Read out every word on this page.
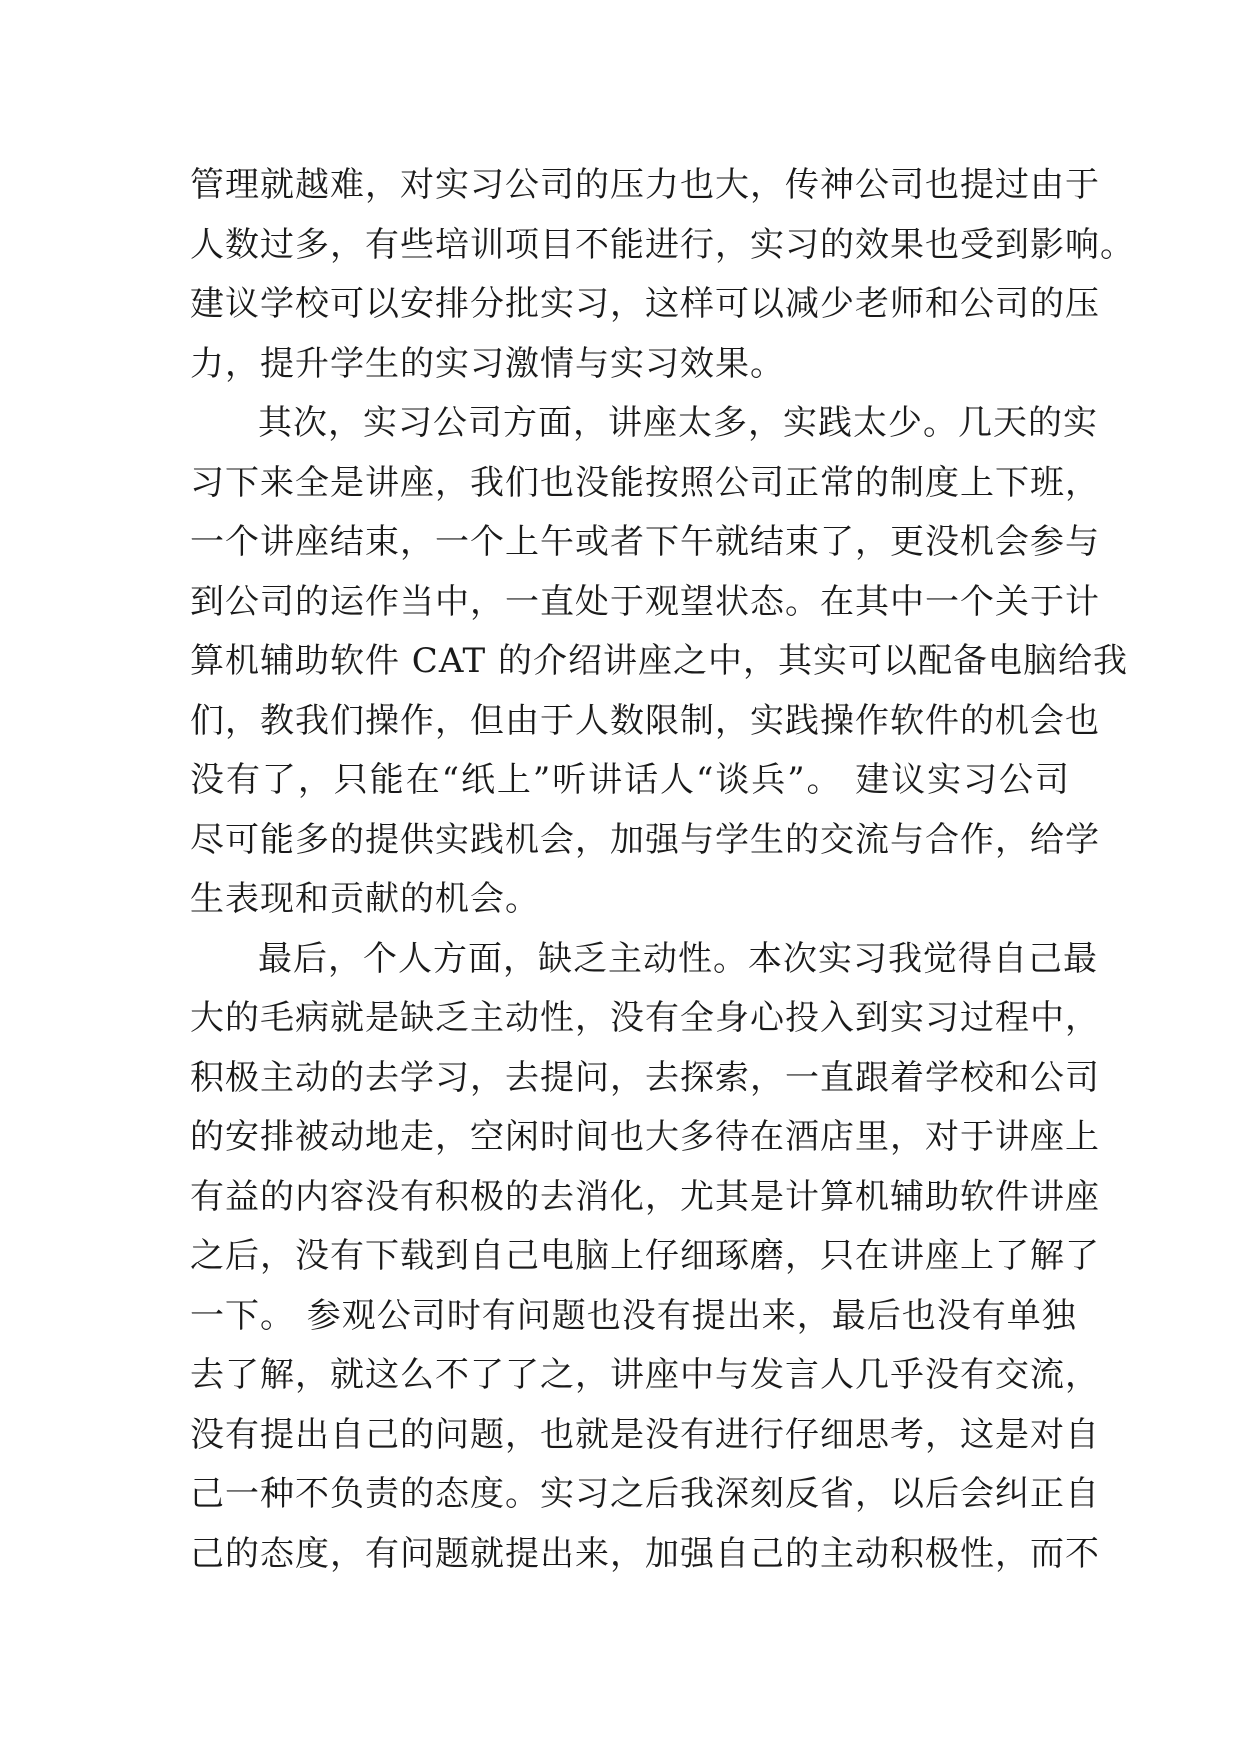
管理就越难，对实习公司的压力也大，传神公司也提过由于
人数过多，有些培训项目不能进行，实习的效果也受到影响。
建议学校可以安排分批实习，这样可以减少老师和公司的压
力，提升学生的实习激情与实习效果。
其次，实习公司方面，讲座太多，实践太少。几天的实
习下来全是讲座，我们也没能按照公司正常的制度上下班，
一个讲座结束，一个上午或者下午就结束了，更没机会参与
到公司的运作当中，一直处于观望状态。在其中一个关于计
算机辅助软件 CAT 的介绍讲座之中，其实可以配备电脑给我
们，教我们操作，但由于人数限制，实践操作软件的机会也
没有了，只能在“纸上”听讲话人“谈兵”。 建议实习公司
尽可能多的提供实践机会，加强与学生的交流与合作，给学
生表现和贡献的机会。
最后，个人方面，缺乏主动性。本次实习我觉得自己最
大的毛病就是缺乏主动性，没有全身心投入到实习过程中，
积极主动的去学习，去提问，去探索，一直跟着学校和公司
的安排被动地走，空闲时间也大多待在酒店里，对于讲座上
有益的内容没有积极的去消化，尤其是计算机辅助软件讲座
之后，没有下载到自己电脑上仔细琢磨，只在讲座上了解了
一下。 参观公司时有问题也没有提出来，最后也没有单独
去了解，就这么不了了之，讲座中与发言人几乎没有交流，
没有提出自己的问题，也就是没有进行仔细思考，这是对自
己一种不负责的态度。实习之后我深刻反省，以后会纠正自
己的态度，有问题就提出来，加强自己的主动积极性，而不
